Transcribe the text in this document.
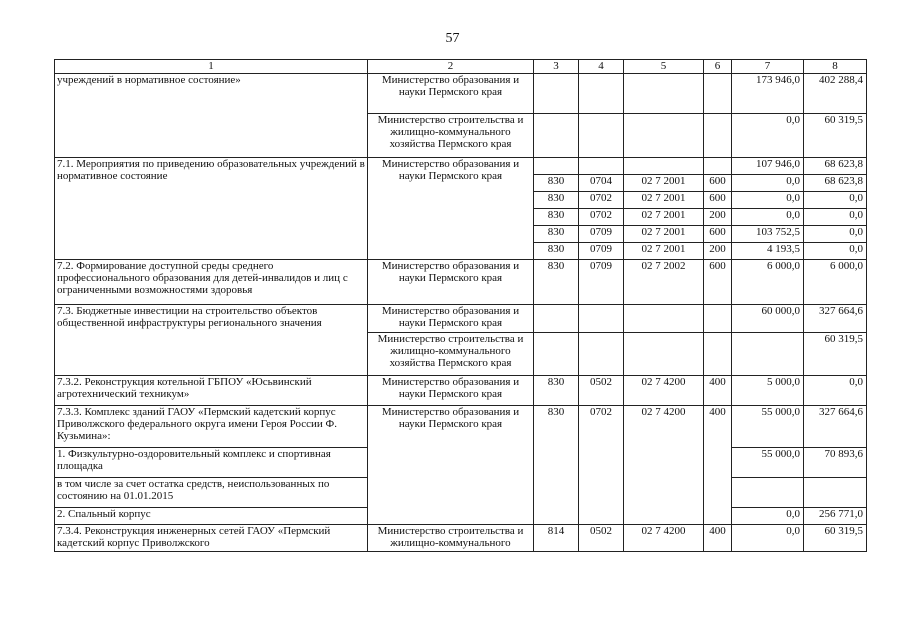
57
1	2	3	4	5	6	7	8
учреждений в нормативное состояние»	Министерство образования и науки Пермского края					173 946,0	402 288,4
	Министерство строительства и жилищно-коммунального хозяйства Пермского края					0,0	60 319,5
7.1. Мероприятия по приведению образовательных учреждений в нормативное состояние	Министерство образования и науки Пермского края					107 946,0	68 623,8
		830	0704	02 7 2001	600	0,0	68 623,8
		830	0702	02 7 2001	600	0,0	0,0
		830	0702	02 7 2001	200	0,0	0,0
		830	0709	02 7 2001	600	103 752,5	0,0
		830	0709	02 7 2001	200	4 193,5	0,0
7.2. Формирование доступной среды среднего профессионального образования для детей-инвалидов и лиц с ограниченными возможностями здоровья	Министерство образования и науки Пермского края	830	0709	02 7 2002	600	6 000,0	6 000,0
7.3. Бюджетные инвестиции на строительство объектов общественной инфраструктуры регионального значения	Министерство образования и науки Пермского края					60 000,0	327 664,6
	Министерство строительства и жилищно-коммунального хозяйства Пермского края						60 319,5
7.3.2. Реконструкция котельной ГБПОУ «Юсьвинский агротехнический техникум»	Министерство образования и науки Пермского края	830	0502	02 7 4200	400	5 000,0	0,0
7.3.3. Комплекс зданий ГАОУ «Пермский кадетский корпус Приволжского федерального округа имени Героя России Ф. Кузьмина»:	Министерство образования и науки Пермского края	830	0702	02 7 4200	400	55 000,0	327 664,6
1. Физкультурно-оздоровительный комплекс и спортивная площадка						55 000,0	70 893,6
в том числе за счет остатка средств, неиспользованных по состоянию на 01.01.2015							
2. Спальный корпус						0,0	256 771,0
7.3.4. Реконструкция инженерных сетей ГАОУ «Пермский кадетский корпус Приволжского	Министерство строительства и жилищно-коммунального	814	0502	02 7 4200	400	0,0	60 319,5
